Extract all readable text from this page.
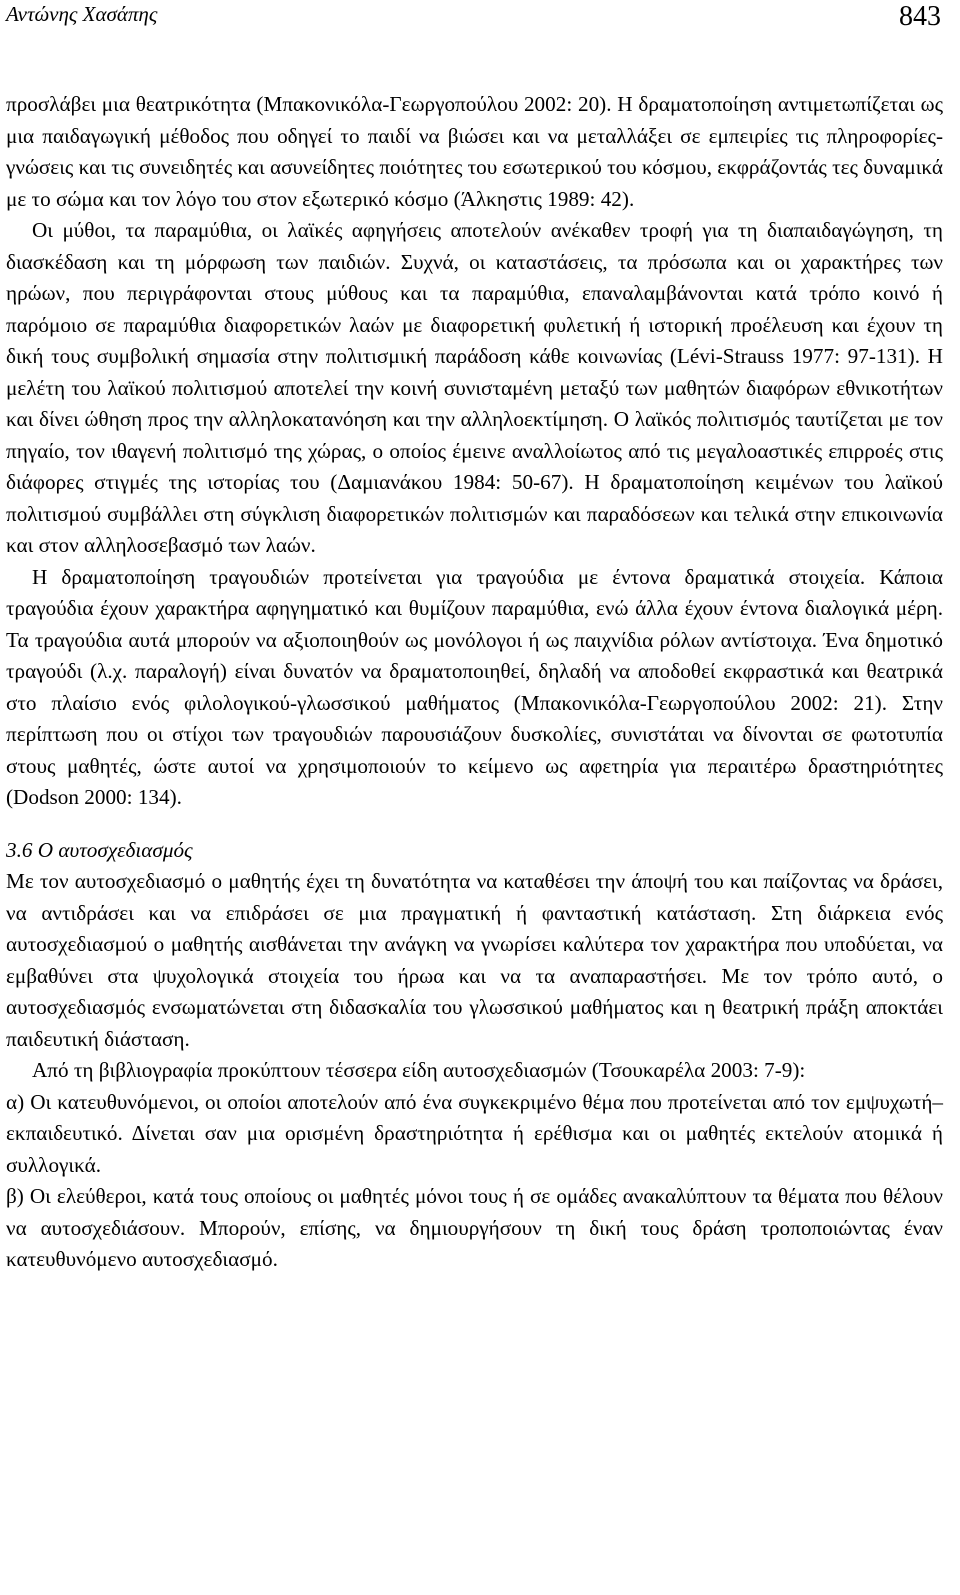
Αντώνης Χασάπης	843

προσλάβει μια θεατρικότητα (Μπακονικόλα-Γεωργοπούλου 2002: 20). Η δραματοποίηση αντιμετωπίζεται ως μια παιδαγωγική μέθοδος που οδηγεί το παιδί να βιώσει και να μεταλλάξει σε εμπειρίες τις πληροφορίες-γνώσεις και τις συνειδητές και ασυνείδητες ποιότητες του εσωτερικού του κόσμου, εκφράζοντάς τες δυναμικά με το σώμα και τον λόγο του στον εξωτερικό κόσμο (Άλκηστις 1989: 42).

Οι μύθοι, τα παραμύθια, οι λαϊκές αφηγήσεις αποτελούν ανέκαθεν τροφή για τη διαπαιδαγώγηση, τη διασκέδαση και τη μόρφωση των παιδιών. Συχνά, οι καταστάσεις, τα πρόσωπα και οι χαρακτήρες των ηρώων, που περιγράφονται στους μύθους και τα παραμύθια, επαναλαμβάνονται κατά τρόπο κοινό ή παρόμοιο σε παραμύθια διαφορετικών λαών με διαφορετική φυλετική ή ιστορική προέλευση και έχουν τη δική τους συμβολική σημασία στην πολιτισμική παράδοση κάθε κοινωνίας (Lévi-Strauss 1977: 97-131). Η μελέτη του λαϊκού πολιτισμού αποτελεί την κοινή συνισταμένη μεταξύ των μαθητών διαφόρων εθνικοτήτων και δίνει ώθηση προς την αλληλοκατανόηση και την αλληλοεκτίμηση. Ο λαϊκός πολιτισμός ταυτίζεται με τον πηγαίο, τον ιθαγενή πολιτισμό της χώρας, ο οποίος έμεινε αναλλοίωτος από τις μεγαλοαστικές επιρροές στις διάφορες στιγμές της ιστορίας του (Δαμιανάκου 1984: 50-67). Η δραματοποίηση κειμένων του λαϊκού πολιτισμού συμβάλλει στη σύγκλιση διαφορετικών πολιτισμών και παραδόσεων και τελικά στην επικοινωνία και στον αλληλοσεβασμό των λαών.

Η δραματοποίηση τραγουδιών προτείνεται για τραγούδια με έντονα δραματικά στοιχεία. Κάποια τραγούδια έχουν χαρακτήρα αφηγηματικό και θυμίζουν παραμύθια, ενώ άλλα έχουν έντονα διαλογικά μέρη. Τα τραγούδια αυτά μπορούν να αξιοποιηθούν ως μονόλογοι ή ως παιχνίδια ρόλων αντίστοιχα. Ένα δημοτικό τραγούδι (λ.χ. παραλογή) είναι δυνατόν να δραματοποιηθεί, δηλαδή να αποδοθεί εκφραστικά και θεατρικά στο πλαίσιο ενός φιλολογικού-γλωσσικού μαθήματος (Μπακονικόλα-Γεωργοπούλου 2002: 21). Στην περίπτωση που οι στίχοι των τραγουδιών παρουσιάζουν δυσκολίες, συνιστάται να δίνονται σε φωτοτυπία στους μαθητές, ώστε αυτοί να χρησιμοποιούν το κείμενο ως αφετηρία για περαιτέρω δραστηριότητες (Dodson 2000: 134).

3.6 Ο αυτοσχεδιασμός

Με τον αυτοσχεδιασμό ο μαθητής έχει τη δυνατότητα να καταθέσει την άποψή του και παίζοντας να δράσει, να αντιδράσει και να επιδράσει σε μια πραγματική ή φανταστική κατάσταση. Στη διάρκεια ενός αυτοσχεδιασμού ο μαθητής αισθάνεται την ανάγκη να γνωρίσει καλύτερα τον χαρακτήρα που υποδύεται, να εμβαθύνει στα ψυχολογικά στοιχεία του ήρωα και να τα αναπαραστήσει. Με τον τρόπο αυτό, ο αυτοσχεδιασμός ενσωματώνεται στη διδασκαλία του γλωσσικού μαθήματος και η θεατρική πράξη αποκτάει παιδευτική διάσταση.

Από τη βιβλιογραφία προκύπτουν τέσσερα είδη αυτοσχεδιασμών (Τσουκαρέλα 2003: 7-9):

α) Οι κατευθυνόμενοι, οι οποίοι αποτελούν από ένα συγκεκριμένο θέμα που προτείνεται από τον εμψυχωτή–εκπαιδευτικό. Δίνεται σαν μια ορισμένη δραστηριότητα ή ερέθισμα και οι μαθητές εκτελούν ατομικά ή συλλογικά.

β) Οι ελεύθεροι, κατά τους οποίους οι μαθητές μόνοι τους ή σε ομάδες ανακαλύπτουν τα θέματα που θέλουν να αυτοσχεδιάσουν. Μπορούν, επίσης, να δημιουργήσουν τη δική τους δράση τροποποιώντας έναν κατευθυνόμενο αυτοσχεδιασμό.
